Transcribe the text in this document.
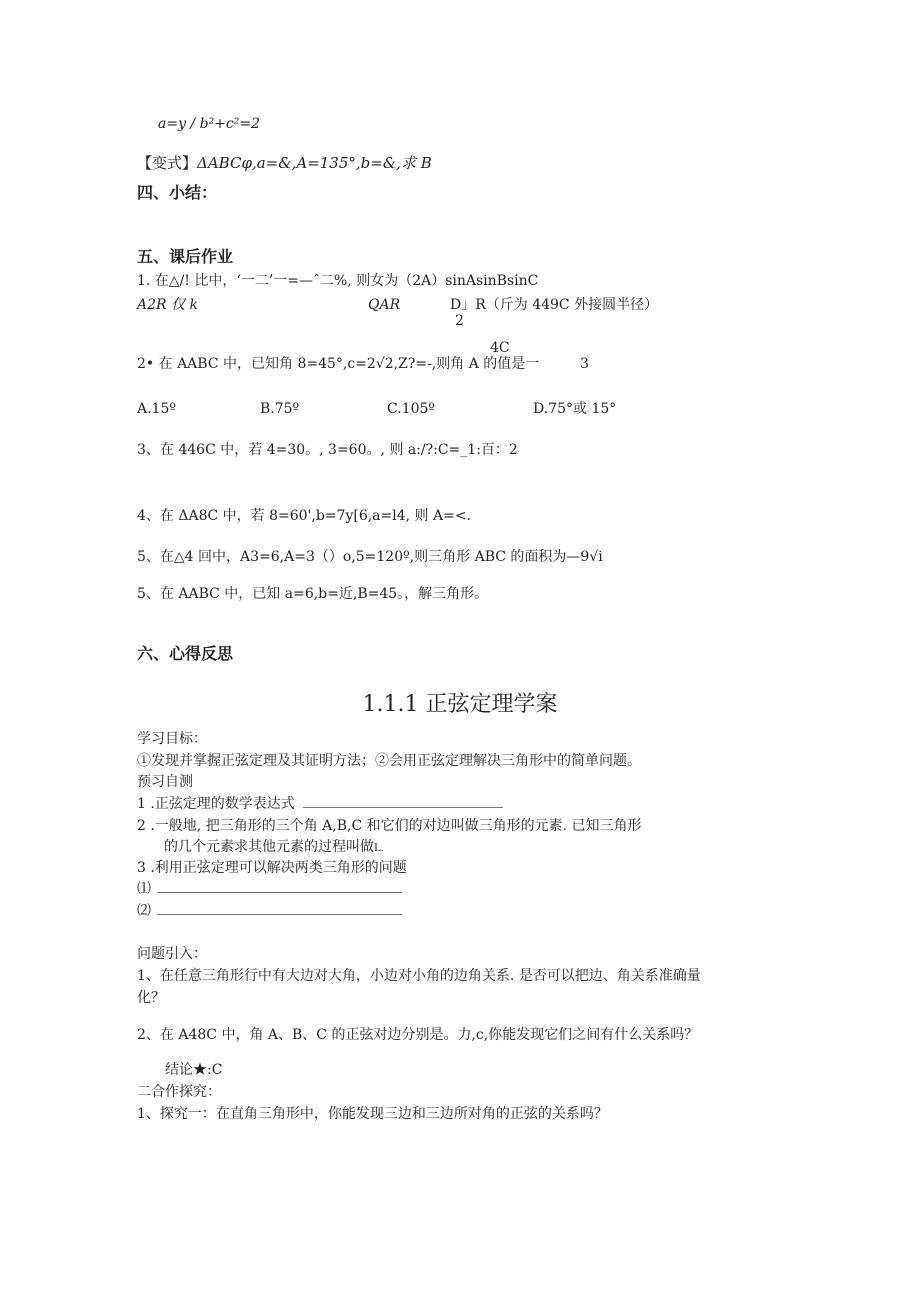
a=y / b²+c²=2
【变式】ΔABCφ,a=&,A=135°,b=&,求 B
四、小结：
五、课后作业
1. 在△/! 比中，‘一二’一=—ˆ二%, 则女为（2A）sinAsinBsinC
A2R 仅 k	QAR	D」R（斤为 449C 外接圆半径）
2
4C
2• 在 AABC 中，已知角 8=45°,c=2√2,Z?=-,则角 A 的值是一	3
A.15º	B.75º	C.105º	D.75°或 15°
3、在 446C 中，若 4=30。, 3=60。, 则 a:/?:C=_1:百：2
4、在 ΔA8C 中，若 8=60',b=7y[6,a=l4, 则 A=<.
5、在△4 回中，A3=6,A=3（）o,5=120º,则三角形 ABC 的面积为—9√i
5、在 AABC 中，已知 a=6,b=近,B=45。，解三角形。
六、心得反思
1.1.1 正弦定理学案
学习目标：
①发现并掌握正弦定理及其证明方法；②会用正弦定理解决三角形中的简单问题。
预习自测
1 .正弦定理的数学表达式
2 .一般地, 把三角形的三个角 A,B,C 和它们的对边叫做三角形的元素. 已知三角形
的几个元素求其他元素的过程叫做L.
3 .利用正弦定理可以解决两类三角形的问题
⑴
⑵
问题引入：
1、在任意三角形行中有大边对大角，小边对小角的边角关系. 是否可以把边、角关系准确量
化？
2、在 A48C 中，角 A、B、C 的正弦对边分别是。力,c,你能发现它们之间有什么关系吗？
结论★:C
二合作探究：
1、探究一：在直角三角形中，你能发现三边和三边所对角的正弦的关系吗？
